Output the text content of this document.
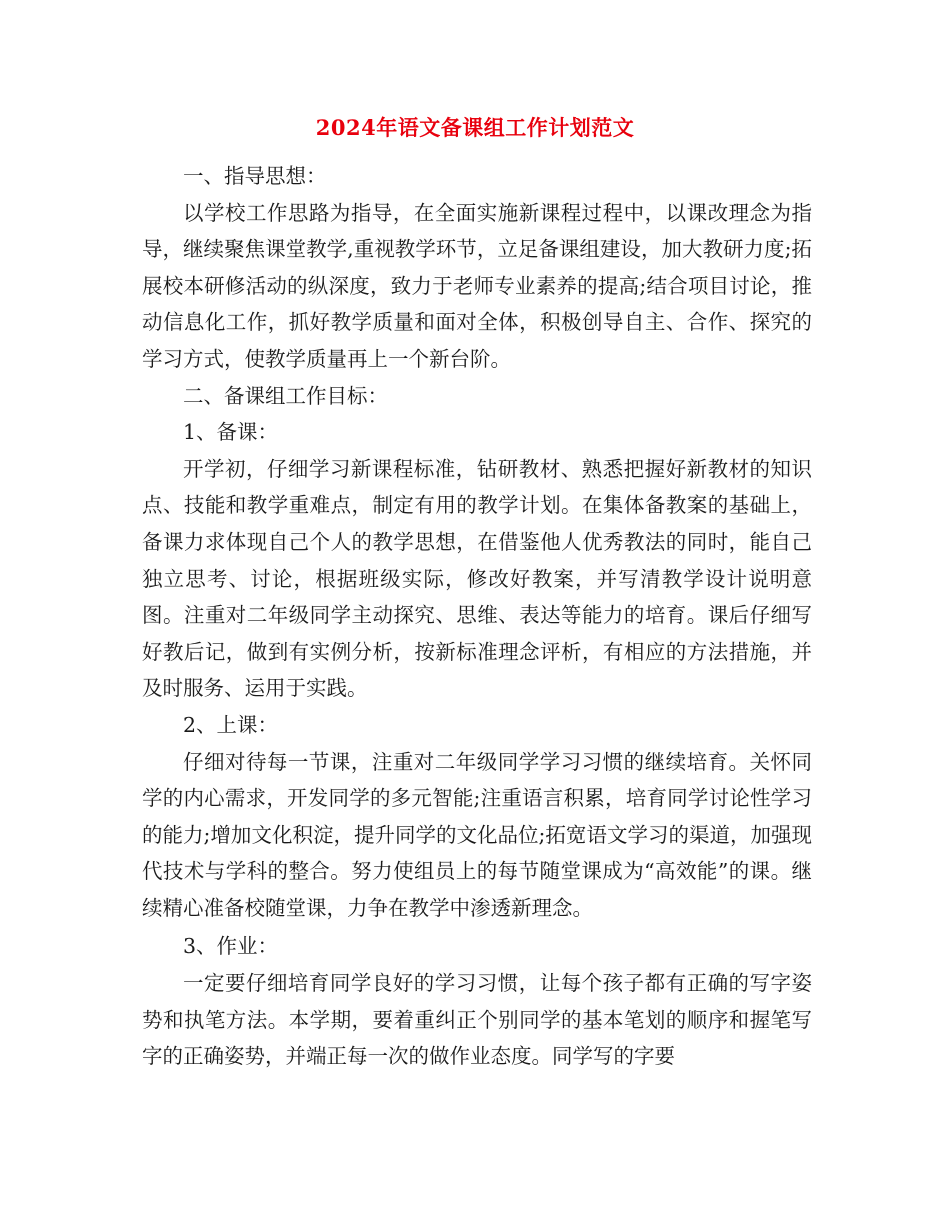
2024年语文备课组工作计划范文

一、指导思想：

以学校工作思路为指导，在全面实施新课程过程中，以课改理念为指导，继续聚焦课堂教学,重视教学环节，立足备课组建设，加大教研力度;拓展校本研修活动的纵深度，致力于老师专业素养的提高;结合项目讨论，推动信息化工作，抓好教学质量和面对全体，积极创导自主、合作、探究的学习方式，使教学质量再上一个新台阶。

二、备课组工作目标：

1、备课：

开学初，仔细学习新课程标准，钻研教材、熟悉把握好新教材的知识点、技能和教学重难点，制定有用的教学计划。在集体备教案的基础上，备课力求体现自己个人的教学思想，在借鉴他人优秀教法的同时，能自己独立思考、讨论，根据班级实际，修改好教案，并写清教学设计说明意图。注重对二年级同学主动探究、思维、表达等能力的培育。课后仔细写好教后记，做到有实例分析，按新标准理念评析，有相应的方法措施，并及时服务、运用于实践。

2、上课：

仔细对待每一节课，注重对二年级同学学习习惯的继续培育。关怀同学的内心需求，开发同学的多元智能;注重语言积累，培育同学讨论性学习的能力;增加文化积淀，提升同学的文化品位;拓宽语文学习的渠道，加强现代技术与学科的整合。努力使组员上的每节随堂课成为“高效能”的课。继续精心准备校随堂课，力争在教学中渗透新理念。

3、作业：

一定要仔细培育同学良好的学习习惯，让每个孩子都有正确的写字姿势和执笔方法。本学期，要着重纠正个别同学的基本笔划的顺序和握笔写字的正确姿势，并端正每一次的做作业态度。同学写的字要
